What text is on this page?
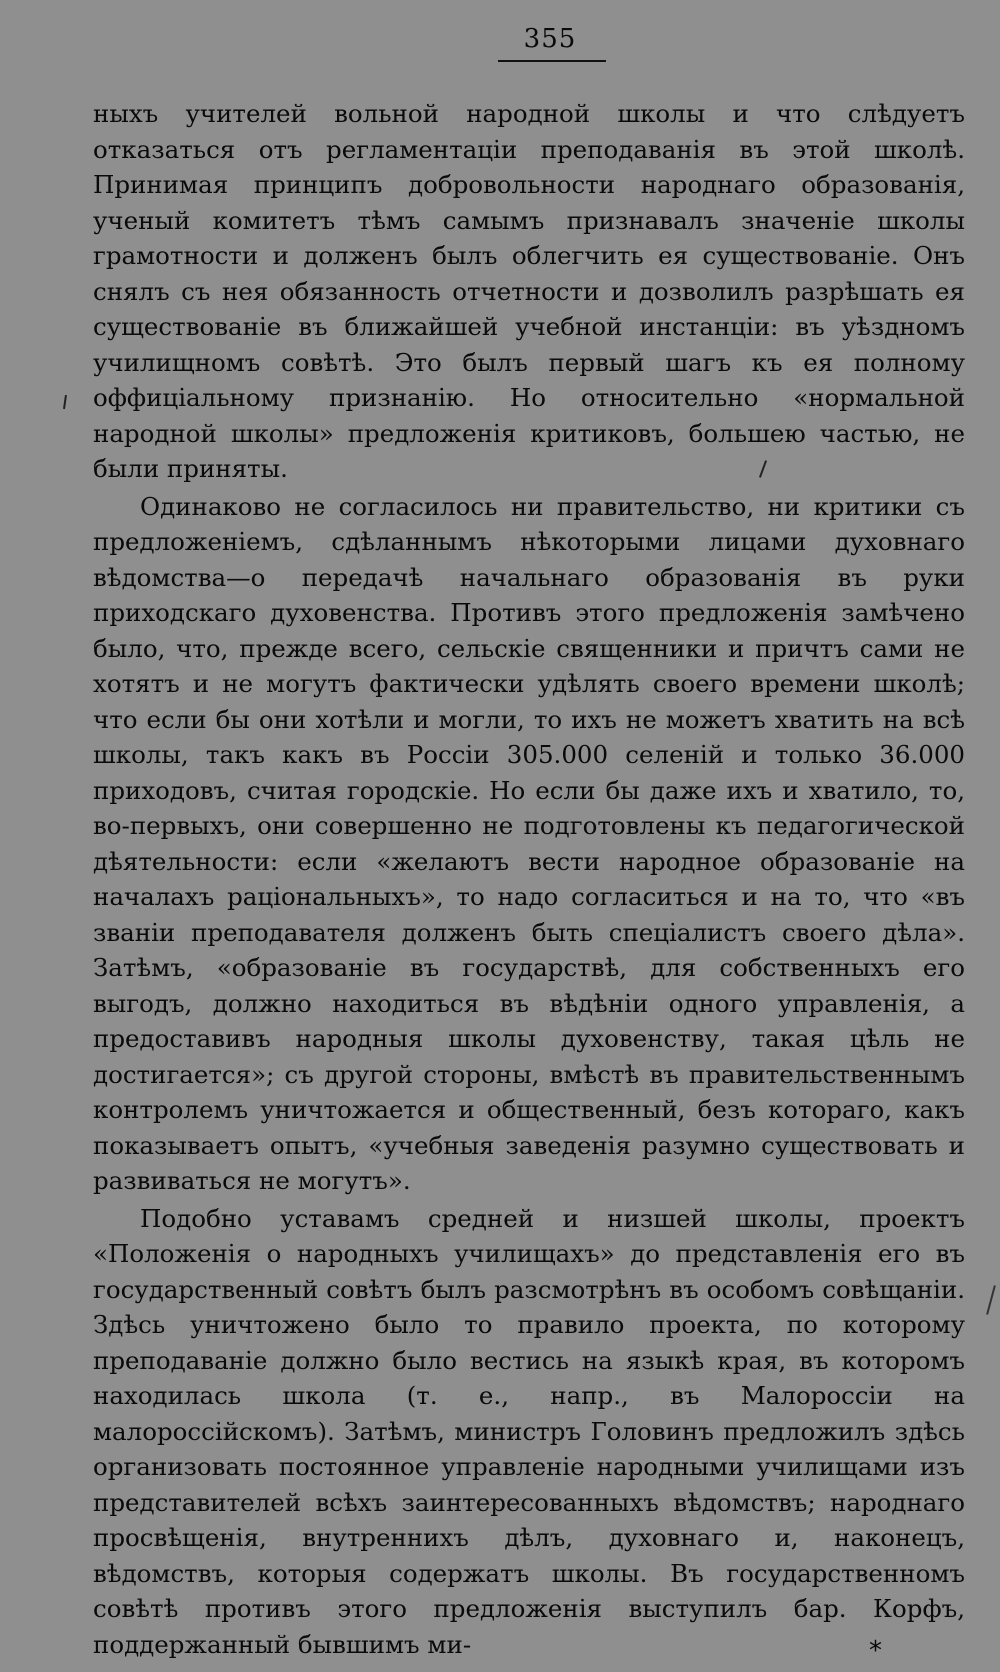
355

ныхъ учителей вольной народной школы и что слѣдуетъ отказаться отъ регламентаціи преподаванія въ этой школѣ. Принимая принципъ добровольности народнаго образованія, ученый комитетъ тѣмъ самымъ признавалъ значеніе школы грамотности и долженъ былъ облегчить ея существованіе. Онъ снялъ съ нея обязанность отчетности и дозволилъ разрѣшать ея существованіе въ ближайшей учебной инстанціи: въ уѣздномъ училищномъ совѣтѣ. Это былъ первый шагъ къ ея полному оффиціальному признанію. Но относительно «нормальной народной школы» предложенія критиковъ, большею частью, не были приняты.

Одинаково не согласилось ни правительство, ни критики съ предложеніемъ, сдѣланнымъ нѣкоторыми лицами духовнаго вѣдомства—о передачѣ начальнаго образованія въ руки приходскаго духовенства. Противъ этого предложенія замѣчено было, что, прежде всего, сельскіе священники и причтъ сами не хотятъ и не могутъ фактически удѣлять своего времени школѣ; что если бы они хотѣли и могли, то ихъ не можетъ хватить на всѣ школы, такъ какъ въ Россіи 305.000 селеній и только 36.000 приходовъ, считая городскіе. Но если бы даже ихъ и хватило, то, во-первыхъ, они совершенно не подготовлены къ педагогической дѣятельности: если «желаютъ вести народное образованіе на началахъ раціональныхъ», то надо согласиться и на то, что «въ званіи преподавателя долженъ быть спеціалистъ своего дѣла». Затѣмъ, «образованіе въ государствѣ, для собственныхъ его выгодъ, должно находиться въ вѣдѣніи одного управленія, а предоставивъ народныя школы духовенству, такая цѣль не достигается»; съ другой стороны, вмѣстѣ въ правительственнымъ контролемъ уничтожается и общественный, безъ котораго, какъ показываетъ опытъ, «учебныя заведенія разумно существовать и развиваться не могутъ».

Подобно уставамъ средней и низшей школы, проектъ «Положенія о народныхъ училищахъ» до представленія его въ государственный совѣтъ былъ разсмотрѣнъ въ особомъ совѣщаніи. Здѣсь уничтожено было то правило проекта, по которому преподаваніе должно было вестись на языкѣ края, въ которомъ находилась школа (т. е., напр., въ Малороссіи на малороссійскомъ). Затѣмъ, министръ Головинъ предложилъ здѣсь организовать постоянное управленіе народными училищами изъ представителей всѣхъ заинтересованныхъ вѣдомствъ; народнаго просвѣщенія, внутреннихъ дѣлъ, духовнаго и, наконецъ, вѣдомствъ, которыя содержатъ школы. Въ государственномъ совѣтѣ противъ этого предложенія выступилъ бар. Корфъ, поддержанный бывшимъ ми-	*
